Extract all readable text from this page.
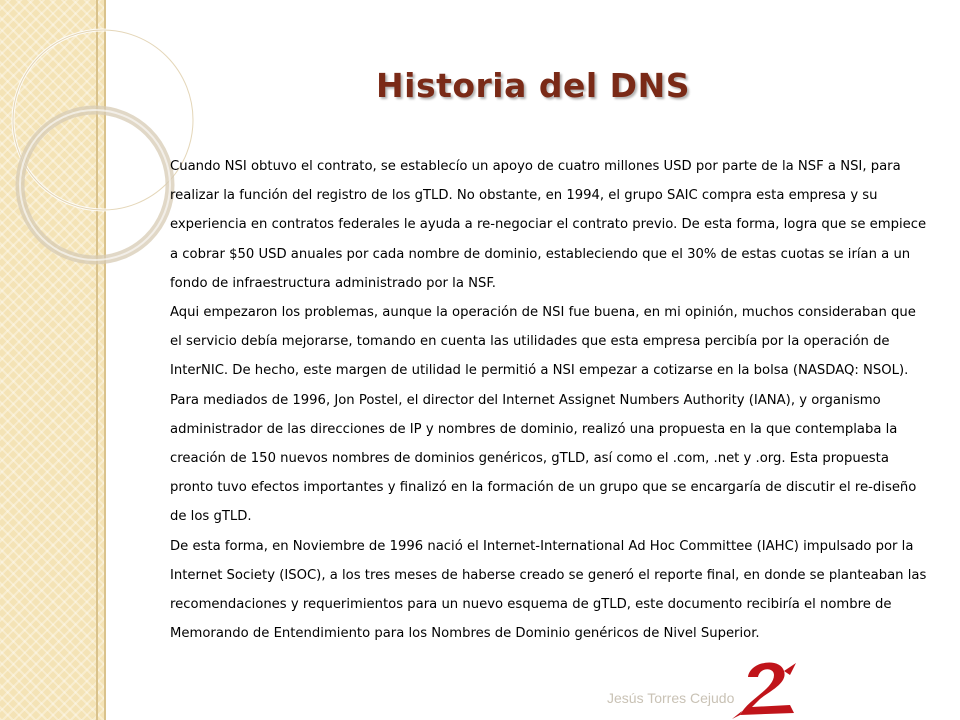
Historia del DNS

Cuando NSI obtuvo el contrato, se establecío un apoyo de cuatro millones USD por parte de la NSF a NSI, para realizar la función del registro de los gTLD. No obstante, en 1994, el grupo SAIC compra esta empresa y su experiencia en contratos federales le ayuda a re-negociar el contrato previo. De esta forma, logra que se empiece a cobrar $50 USD anuales por cada nombre de dominio, estableciendo que el 30% de estas cuotas se irían a un fondo de infraestructura administrado por la NSF.

Aqui empezaron los problemas, aunque la operación de NSI fue buena, en mi opinión, muchos consideraban que el servicio debía mejorarse, tomando en cuenta las utilidades que esta empresa percibía por la operación de InterNIC. De hecho, este margen de utilidad le permitió a NSI empezar a cotizarse en la bolsa (NASDAQ: NSOL).

Para mediados de 1996, Jon Postel, el director del Internet Assignet Numbers Authority (IANA), y organismo administrador de las direcciones de IP y nombres de dominio, realizó una propuesta en la que contemplaba la creación de 150 nuevos nombres de dominios genéricos, gTLD, así como el .com, .net y .org. Esta propuesta pronto tuvo efectos importantes y finalizó en la formación de un grupo que se encargaría de discutir el re-diseño de los gTLD.

De esta forma, en Noviembre de 1996 nació el Internet-International Ad Hoc Committee (IAHC) impulsado por la Internet Society (ISOC), a los tres meses de haberse creado se generó el reporte final, en donde se planteaban las recomendaciones y requerimientos para un nuevo esquema de gTLD, este documento recibiría el nombre de Memorando de Entendimiento para los Nombres de Dominio genéricos de Nivel Superior.

Jesús Torres Cejudo
